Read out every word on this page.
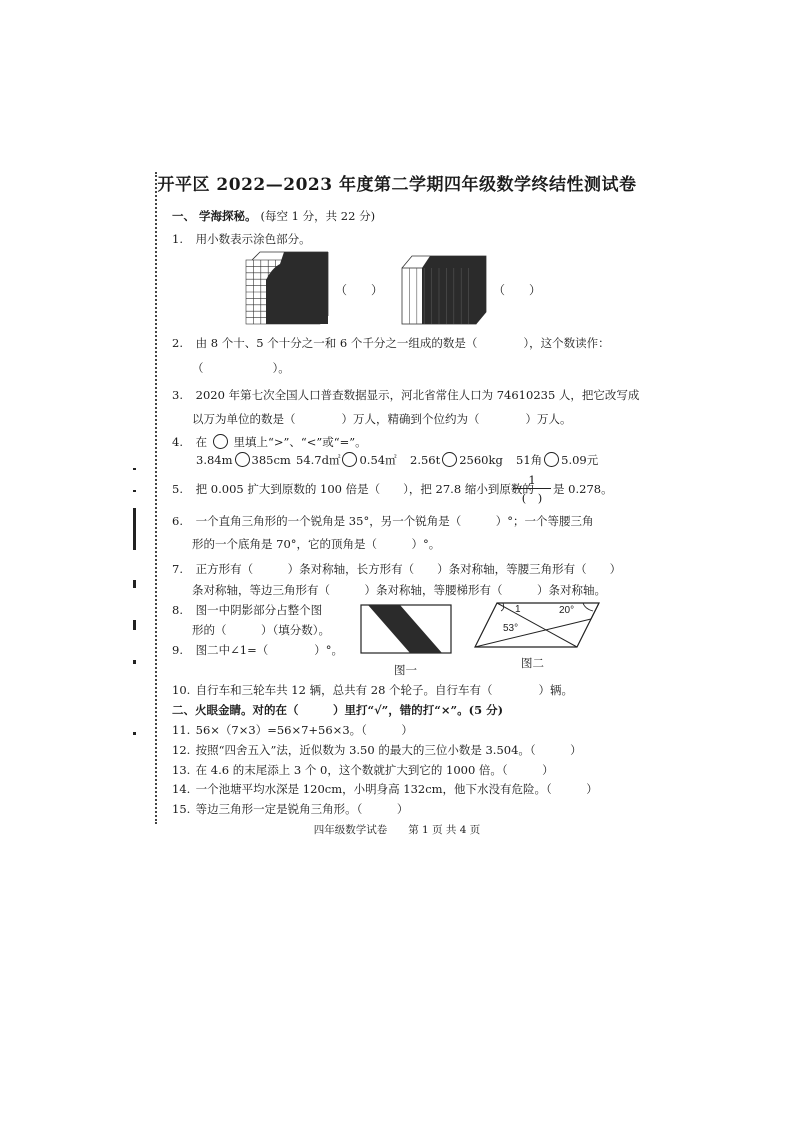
开平区 2022—2023 年度第二学期四年级数学终结性测试卷
一、 学海探秘。 (每空 1 分，共 22 分)
1. 用小数表示涂色部分。
（　　）	（　　）
2. 由 8 个十、5 个十分之一和 6 个千分之一组成的数是（　　　　），这个数读作：
（　　　　　　）。
3. 2020 年第七次全国人口普查数据显示，河北省常住人口为 74610235 人，把它改写成
以万为单位的数是（　　　　）万人，精确到个位约为（　　　　）万人。
4. 在 里填上“>”、“<”或“=”。
3.84m 385cm 54.7d㎡ 0.54㎡ 2.56t 2560kg 51角 5.09元
5. 把 0.005 扩大到原数的 100 倍是（　　），把 27.8 缩小到原数的
1
(　)
是 0.278。
6. 一个直角三角形的一个锐角是 35°，另一个锐角是（　　　）°；一个等腰三角
形的一个底角是 70°，它的顶角是（　　　）°。
7. 正方形有（　　　）条对称轴，长方形有（　　）条对称轴，等腰三角形有（　　）
条对称轴，等边三角形有（　　　）条对称轴，等腰梯形有（　　　）条对称轴。
8. 图一中阴影部分占整个图
形的（　　　）（填分数）。
9. 图二中∠1=（　　　　）°。
图一
1	20°
53°
图二
10. 自行车和三轮车共 12 辆，总共有 28 个轮子。自行车有（　　　　）辆。
二、火眼金睛。对的在（　　　）里打“√”，错的打“×”。(5 分)
11. 56×（7×3）=56×7+56×3。（　　　）
12. 按照“四舍五入”法，近似数为 3.50 的最大的三位小数是 3.504。（　　　）
13. 在 4.6 的末尾添上 3 个 0，这个数就扩大到它的 1000 倍。（　　　）
14. 一个池塘平均水深是 120cm，小明身高 132cm，他下水没有危险。（　　　）
15. 等边三角形一定是锐角三角形。（　　　）
四年级数学试卷　　第 1 页 共 4 页
